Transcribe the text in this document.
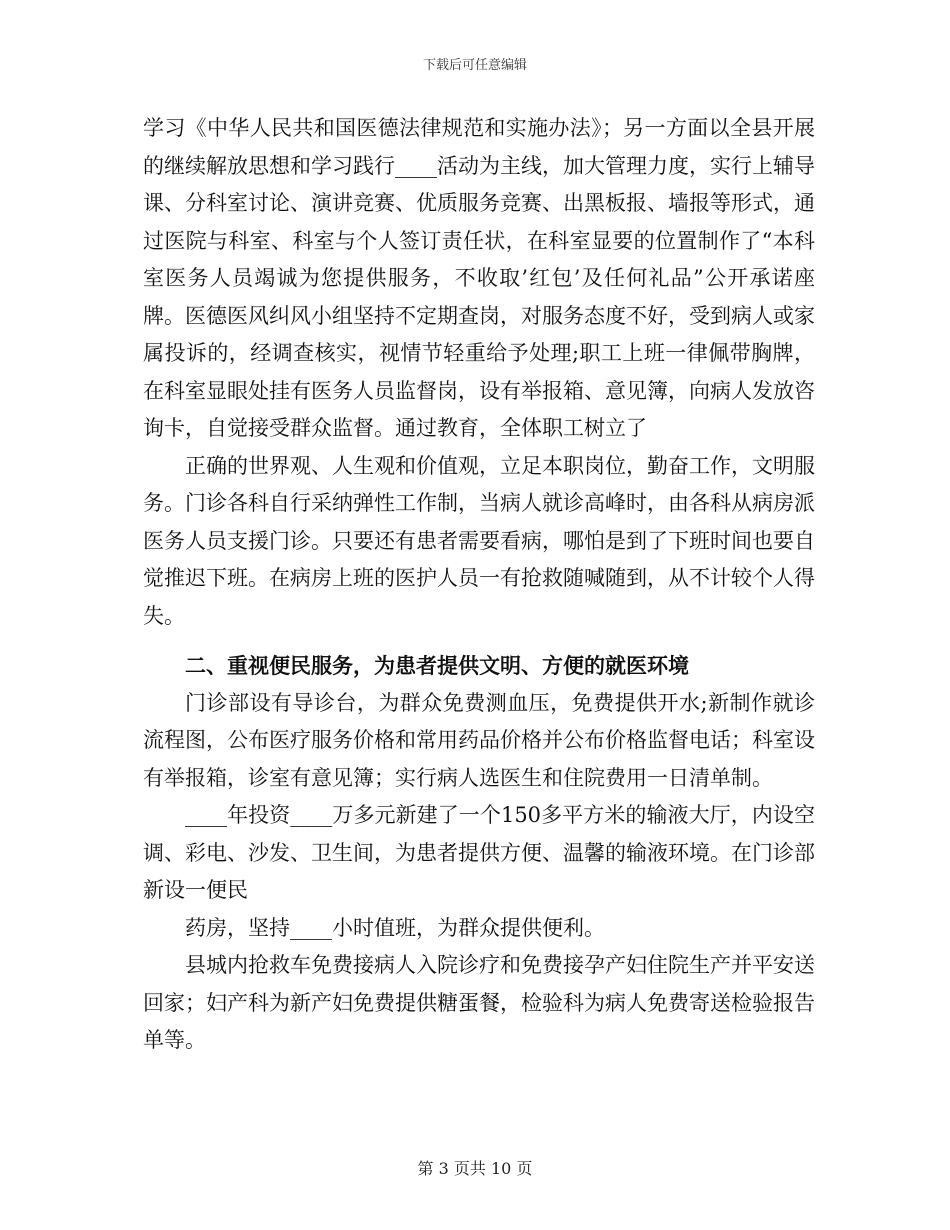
下载后可任意编辑

学习《中华人民共和国医德法律规范和实施办法》；另一方面以全县开展的继续解放思想和学习践行____活动为主线，加大管理力度，实行上辅导课、分科室讨论、演讲竞赛、优质服务竞赛、出黑板报、墙报等形式，通过医院与科室、科室与个人签订责任状，在科室显要的位置制作了“本科室医务人员竭诚为您提供服务，不收取’红包’及任何礼品”公开承诺座牌。医德医风纠风小组坚持不定期查岗，对服务态度不好，受到病人或家属投诉的，经调查核实，视情节轻重给予处理;职工上班一律佩带胸牌，在科室显眼处挂有医务人员监督岗，设有举报箱、意见簿，向病人发放咨询卡，自觉接受群众监督。通过教育，全体职工树立了

正确的世界观、人生观和价值观，立足本职岗位，勤奋工作，文明服务。门诊各科自行采纳弹性工作制，当病人就诊高峰时，由各科从病房派医务人员支援门诊。只要还有患者需要看病，哪怕是到了下班时间也要自觉推迟下班。在病房上班的医护人员一有抢救随喊随到，从不计较个人得失。

二、重视便民服务，为患者提供文明、方便的就医环境

门诊部设有导诊台，为群众免费测血压，免费提供开水;新制作就诊流程图，公布医疗服务价格和常用药品价格并公布价格监督电话；科室设有举报箱，诊室有意见簿；实行病人选医生和住院费用一日清单制。

____年投资____万多元新建了一个150多平方米的输液大厅，内设空调、彩电、沙发、卫生间，为患者提供方便、温馨的输液环境。在门诊部新设一便民

药房，坚持____小时值班，为群众提供便利。

县城内抢救车免费接病人入院诊疗和免费接孕产妇住院生产并平安送回家；妇产科为新产妇免费提供糖蛋餐，检验科为病人免费寄送检验报告单等。

第 3 页共 10 页
